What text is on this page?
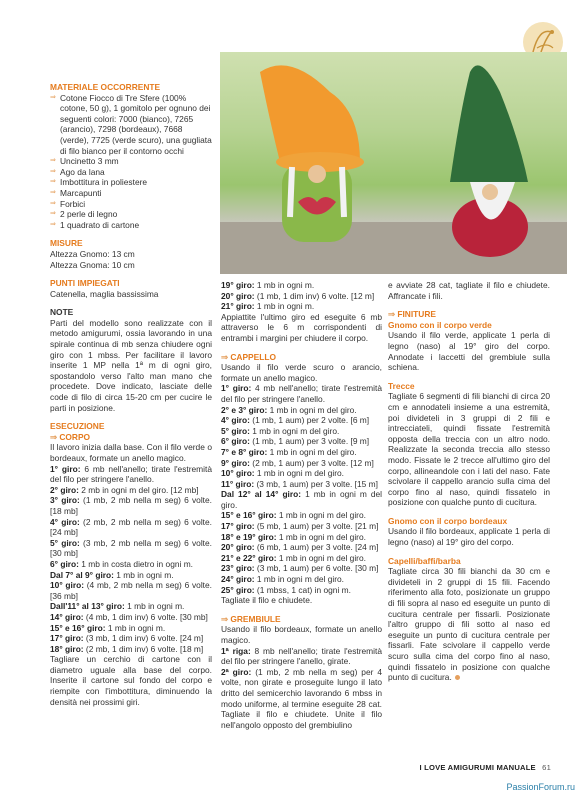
MATERIALE OCCORRENTE

⇒ Cotone Fiocco di Tre Sfere (100% cotone, 50 g), 1 gomitolo per ognuno dei seguenti colori: 7000 (bianco), 7265 (arancio), 7298 (bordeaux), 7668 (verde), 7725 (verde scuro), una gugliata di filo bianco per il contorno occhi

⇒ Uncinetto 3 mm

⇒ Ago da lana

⇒ Imbottitura in poliestere

⇒ Marcapunti

⇒ Forbici

⇒ 2 perle di legno

⇒ 1 quadrato di cartone

MISURE

Altezza Gnomo: 13 cm

Altezza Gnoma: 10 cm

PUNTI IMPIEGATI

Catenella, maglia bassissima

NOTE

Parti del modello sono realizzate con il metodo amigurumi, ossia lavorando in una spirale continua di mb senza chiudere ogni giro con 1 mbss. Per facilitare il lavoro inserite 1 MP nella 1ª m di ogni giro, spostandolo verso l'alto man mano che procedete. Dove indicato, lasciate delle code di filo di circa 15-20 cm per cucire le parti in posizione.

ESECUZIONE

⇒ CORPO

Il lavoro inizia dalla base. Con il filo verde o bordeaux, formate un anello magico.

1° giro: 6 mb nell'anello; tirate l'estremità del filo per stringere l'anello.

2° giro: 2 mb in ogni m del giro. [12 mb]

3° giro: (1 mb, 2 mb nella m seg) 6 volte. [18 mb]

4° giro: (2 mb, 2 mb nella m seg) 6 volte. [24 mb]

5° giro: (3 mb, 2 mb nella m seg) 6 volte. [30 mb]

6° giro: 1 mb in costa dietro in ogni m.

Dal 7° al 9° giro: 1 mb in ogni m.

10° giro: (4 mb, 2 mb nella m seg) 6 volte. [36 mb]

Dall'11° al 13° giro: 1 mb in ogni m.

14° giro: (4 mb, 1 dim inv) 6 volte. [30 mb]

15° e 16° giro: 1 mb in ogni m.

17° giro: (3 mb, 1 dim inv) 6 volte. [24 m]

18° giro: (2 mb, 1 dim inv) 6 volte. [18 m]

Tagliare un cerchio di cartone con il diametro uguale alla base del corpo. Inserite il cartone sul fondo del corpo e riempite con l'imbottitura, diminuendo la densità nei prossimi giri.

19° giro: 1 mb in ogni m.

20° giro: (1 mb, 1 dim inv) 6 volte. [12 m]

21° giro: 1 mb in ogni m.

Appiattite l'ultimo giro ed eseguite 6 mb attraverso le 6 m corrispondenti di entrambi i margini per chiudere il corpo.

⇒ CAPPELLO

Usando il filo verde scuro o arancio, formate un anello magico.

1° giro: 4 mb nell'anello; tirate l'estremità del filo per stringere l'anello.

2° e 3° giro: 1 mb in ogni m del giro.

4° giro: (1 mb, 1 aum) per 2 volte. [6 m]

5° giro: 1 mb in ogni m del giro.

6° giro: (1 mb, 1 aum) per 3 volte. [9 m]

7° e 8° giro: 1 mb in ogni m del giro.

9° giro: (2 mb, 1 aum) per 3 volte. [12 m]

10° giro: 1 mb in ogni m del giro.

11° giro: (3 mb, 1 aum) per 3 volte. [15 m]

Dal 12° al 14° giro: 1 mb in ogni m del giro.

15° e 16° giro: 1 mb in ogni m del giro.

17° giro: (5 mb, 1 aum) per 3 volte. [21 m]

18° e 19° giro: 1 mb in ogni m del giro.

20° giro: (6 mb, 1 aum) per 3 volte. [24 m]

21° e 22° giro: 1 mb in ogni m del giro.

23° giro: (3 mb, 1 aum) per 6 volte. [30 m]

24° giro: 1 mb in ogni m del giro.

25° giro: (1 mbss, 1 cat) in ogni m.

Tagliate il filo e chiudete.

⇒ GREMBIULE

Usando il filo bordeaux, formate un anello magico.

1ª riga: 8 mb nell'anello; tirate l'estremità del filo per stringere l'anello, girate.

2ª giro: (1 mb, 2 mb nella m seg) per 4 volte, non girate e proseguite lungo il lato dritto del semicerchio lavorando 6 mbss in modo uniforme, al termine eseguite 28 cat. Tagliate il filo e chiudete. Unite il filo nell'angolo opposto del grembiulino

e avviate 28 cat, tagliate il filo e chiudete. Affrancate i fili.

⇒ FINITURE

Gnomo con il corpo verde

Usando il filo verde, applicate 1 perla di legno (naso) al 19° giro del corpo. Annodate i laccetti del grembiule sulla schiena.

Trecce

Tagliate 6 segmenti di fili bianchi di circa 20 cm e annodateli insieme a una estremità, poi divideteli in 3 gruppi di 2 fili e intrecciateli, quindi fissate l'estremità opposta della treccia con un altro nodo. Realizzate la seconda treccia allo stesso modo. Fissate le 2 trecce all'ultimo giro del corpo, allineandole con i lati del naso. Fate scivolare il cappello arancio sulla cima del corpo fino al naso, quindi fissatelo in posizione con qualche punto di cucitura.

Gnomo con il corpo bordeaux

Usando il filo bordeaux, applicate 1 perla di legno (naso) al 19° giro del corpo.

Capelli/baffi/barba

Tagliate circa 30 fili bianchi da 30 cm e divideteli in 2 gruppi di 15 fili. Facendo riferimento alla foto, posizionate un gruppo di fili sopra al naso ed eseguite un punto di cucitura centrale per fissarli. Posizionate l'altro gruppo di fili sotto al naso ed eseguite un punto di cucitura centrale per fissarli. Fate scivolare il cappello verde scuro sulla cima del corpo fino al naso, quindi fissatelo in posizione con qualche punto di cucitura.

I LOVE AMIGURUMI MANUALE 61
PassionForum.ru
